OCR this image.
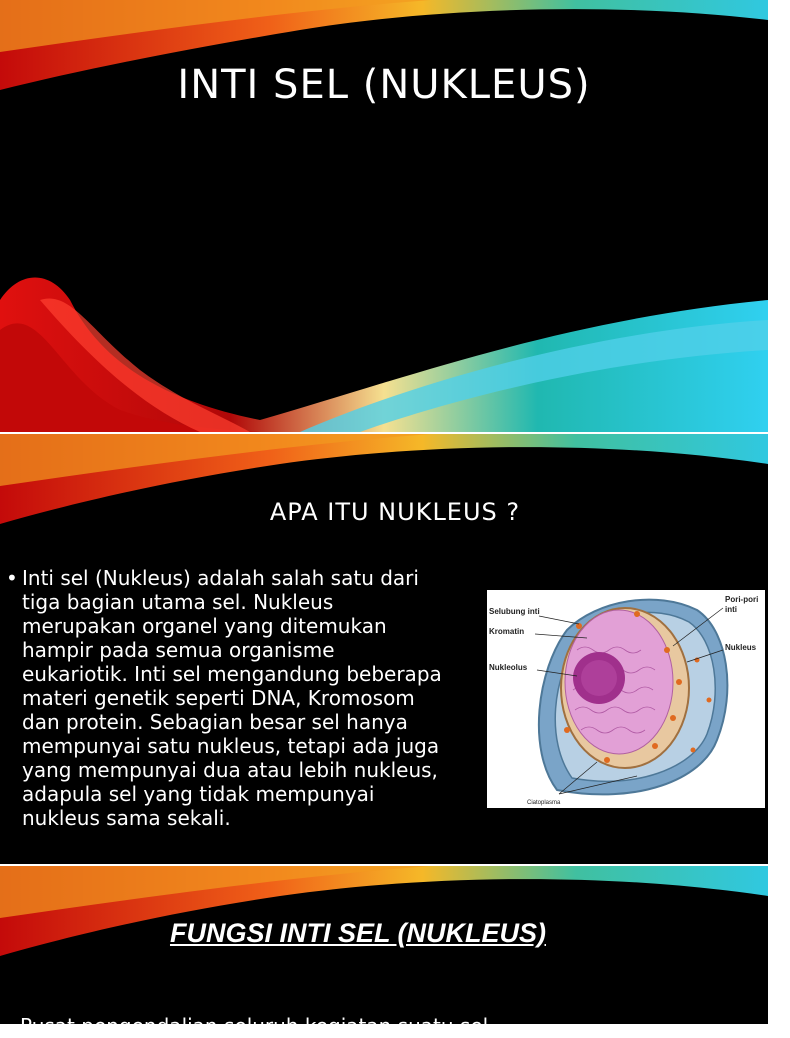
INTI SEL (NUKLEUS)
APA ITU NUKLEUS ?
• Inti sel (Nukleus) adalah salah satu dari tiga bagian utama sel. Nukleus merupakan organel yang ditemukan hampir pada semua organisme eukariotik. Inti sel mengandung beberapa materi genetik seperti DNA, Kromosom dan protein. Sebagian besar sel hanya mempunyai satu nukleus, tetapi ada juga yang mempunyai dua atau lebih nukleus, adapula sel yang tidak mempunyai nukleus sama sekali.
Selubung inti
Kromatin
Nukleolus
Pori-pori
inti
Nukleus
Ciatoplasma
FUNGSI INTI SEL (NUKLEUS)
Pusat pengendalian seluruh kegiatan suatu sel
